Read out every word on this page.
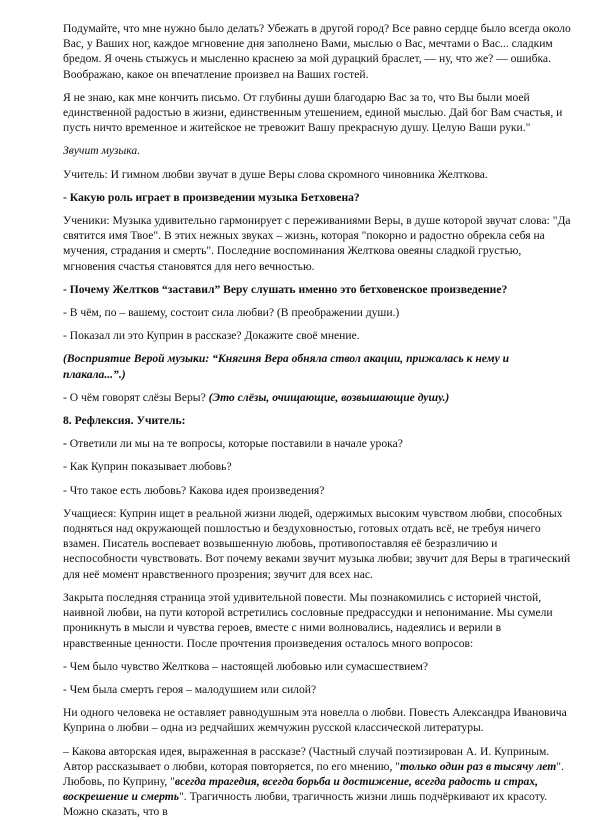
Подумайте, что мне нужно было делать? Убежать в другой город? Все равно сердце было всегда около Вас, у Ваших ног, каждое мгновение дня заполнено Вами, мыслью о Вас, мечтами о Вас... сладким бредом. Я очень стыжусь и мысленно краснею за мой дурацкий браслет, — ну, что же? — ошибка. Воображаю, какое он впечатление произвел на Ваших гостей.

Я не знаю, как мне кончить письмо. От глубины души благодарю Вас за то, что Вы были моей единственной радостью в жизни, единственным утешением, единой мыслью. Дай бог Вам счастья, и пусть ничто временное и житейское не тревожит Вашу прекрасную душу. Целую Ваши руки."

Звучит музыка.

Учитель: И гимном любви звучат в душе Веры слова скромного чиновника Желткова.

- Какую роль играет в произведении музыка Бетховена?

Ученики: Музыка удивительно гармонирует с переживаниями Веры, в душе которой звучат слова: "Да святится имя Твое". В этих нежных звуках – жизнь, которая "покорно и радостно обрекла себя на мучения, страдания и смерть". Последние воспоминания Желткова овеяны сладкой грустью, мгновения счастья становятся для него вечностью.

- Почему Желтков “заставил” Веру слушать именно это бетховенское произведение?

- В чём, по – вашему, состоит сила любви? (В преображении души.)

- Показал ли это Куприн в рассказе? Докажите своё мнение.

(Восприятие Верой музыки: “Княгиня Вера обняла ствол акации, прижалась к нему и плакала...”.)

- О чём говорят слёзы Веры? (Это слёзы, очищающие, возвышающие душу.)

8. Рефлексия. Учитель:

- Ответили ли мы на те вопросы, которые поставили в начале урока?

- Как Куприн показывает любовь?

- Что такое есть любовь? Какова идея произведения?

Учащиеся: Куприн ищет в реальной жизни людей, одержимых высоким чувством любви, способных подняться над окружающей пошлостью и бездуховностью, готовых отдать всё, не требуя ничего взамен. Писатель воспевает возвышенную любовь, противопоставляя её безразличию и неспособности чувствовать. Вот почему веками звучит музыка любви; звучит для Веры в трагический для неё момент нравственного прозрения; звучит для всех нас.

Закрыта последняя страница этой удивительной повести. Мы познакомились с историей чистой, наивной любви, на пути которой встретились сословные предрассудки и непонимание. Мы сумели проникнуть в мысли и чувства героев, вместе с ними волновались, надеялись и верили в нравственные ценности. После прочтения произведения осталось много вопросов:

- Чем было чувство Желткова – настоящей любовью или сумасшествием?

- Чем была смерть героя – малодушием или силой?

Ни одного человека не оставляет равнодушным эта новелла о любви. Повесть Александра Ивановича Куприна о любви – одна из редчайших жемчужин русской классической литературы.

– Какова авторская идея, выраженная в рассказе? (Частный случай поэтизирован А. И. Куприным. Автор рассказывает о любви, которая повторяется, по его мнению, "только один раз в тысячу лет". Любовь, по Куприну, "всегда трагедия, всегда борьба и достижение, всегда радость и страх, воскрешение и смерть". Трагичность любви, трагичность жизни лишь подчёркивают их красоту. Можно сказать, что в
